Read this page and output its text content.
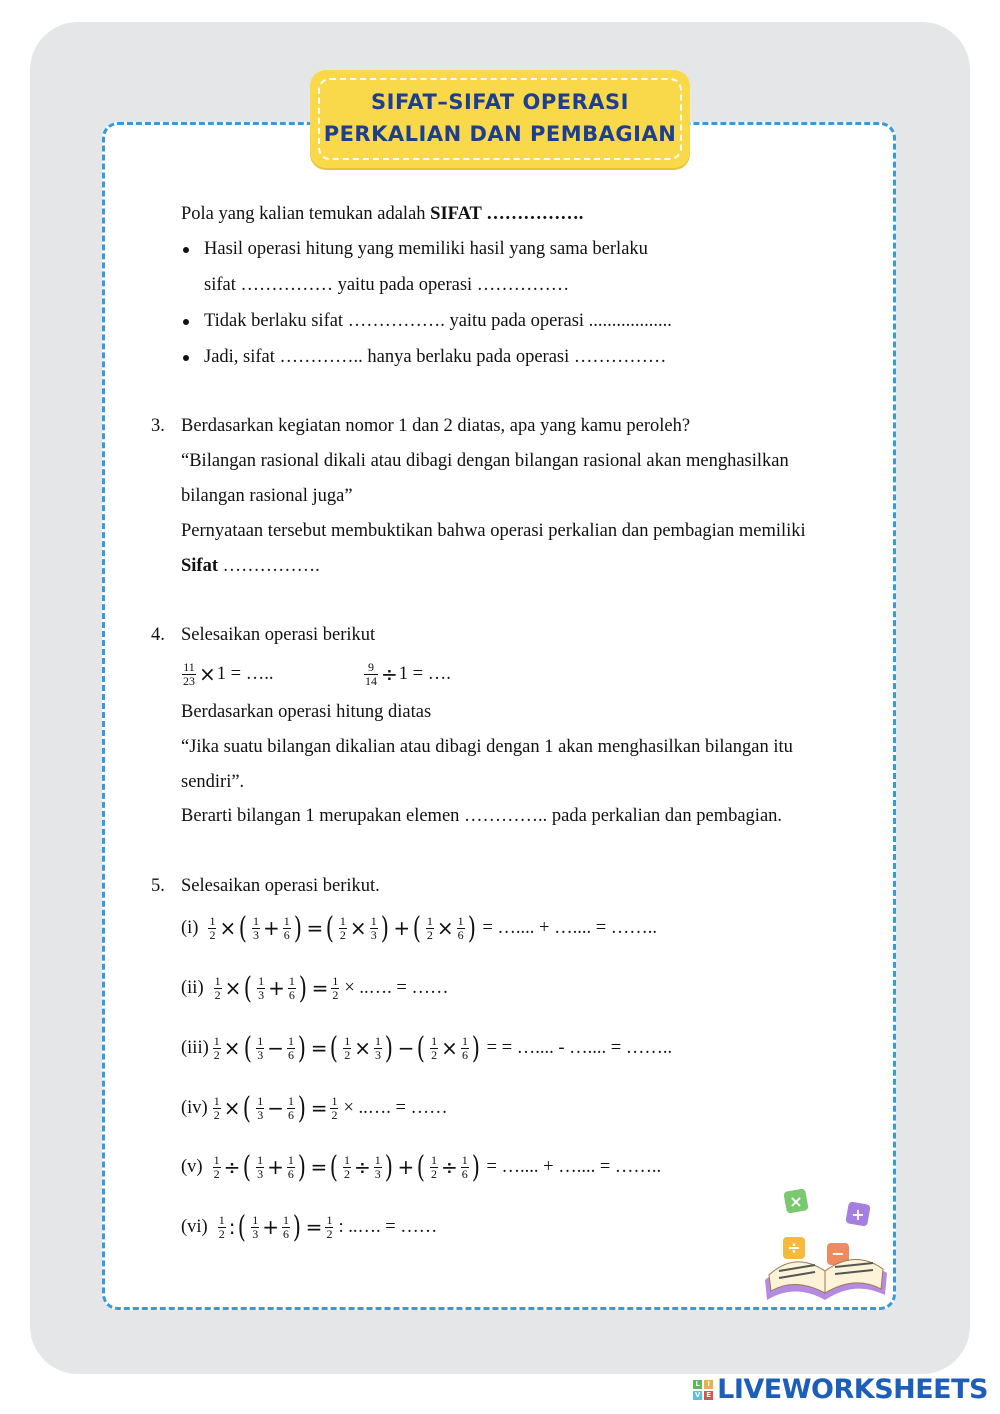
SIFAT–SIFAT OPERASI
PERKALIAN DAN PEMBAGIAN
Pola yang kalian temukan adalah SIFAT …………….
Hasil operasi hitung yang memiliki hasil yang sama berlaku
sifat …………… yaitu pada operasi ……………
Tidak berlaku sifat ……………. yaitu pada operasi ..................
Jadi, sifat ………….. hanya berlaku pada operasi ……………
3. Berdasarkan kegiatan nomor 1 dan 2 diatas, apa yang kamu peroleh?
“Bilangan rasional dikali atau dibagi dengan bilangan rasional akan menghasilkan
bilangan rasional juga”
Pernyataan tersebut membuktikan bahwa operasi perkalian dan pembagian memiliki
Sifat …………….
4. Selesaikan operasi berikut
$\frac{11}{23} \times 1$ = …..	$\frac{9}{14} \div 1$ = ….
Berdasarkan operasi hitung diatas
“Jika suatu bilangan dikalian atau dibagi dengan 1 akan menghasilkan bilangan itu
sendiri”.
Berarti bilangan 1 merupakan elemen ………….. pada perkalian dan pembagian.
5. Selesaikan operasi berikut.
$(i) \frac{1}{2}$ × ( $\frac{1}{3} + \frac{1}{6}$ ) = ( $\frac{1}{2} \times \frac{1}{3}$ ) + ( $\frac{1}{2} \times \frac{1}{6}$ ) = ….... + ….... = ……..
$(ii) \frac{1}{2}$ × ( $\frac{1}{3} + \frac{1}{6}$ ) = $\frac{1}{2}$ × ..…. = ……
$(iii) \frac{1}{2}$ × ( $\frac{1}{3} - \frac{1}{6}$ ) = ( $\frac{1}{2} \times \frac{1}{3}$ ) − ( $\frac{1}{2} \times \frac{1}{6}$ ) = = ….... - ….... = ……..
$(iv) \frac{1}{2}$ × ( $\frac{1}{3} - \frac{1}{6}$ ) = $\frac{1}{2}$ × ..…. = ……
$(v) \frac{1}{2}$ ÷ ( $\frac{1}{3} + \frac{1}{6}$ ) = ( $\frac{1}{2} \div \frac{1}{3}$ ) + ( $\frac{1}{2} \div \frac{1}{6}$ ) = ….... + ….... = ……..
$(vi) \frac{1}{2}$ : ( $\frac{1}{3} + \frac{1}{6}$ ) = $\frac{1}{2}$ : ..…. = ……
×
+
÷ −
L	I
V E LIVEWORKSHEETS
